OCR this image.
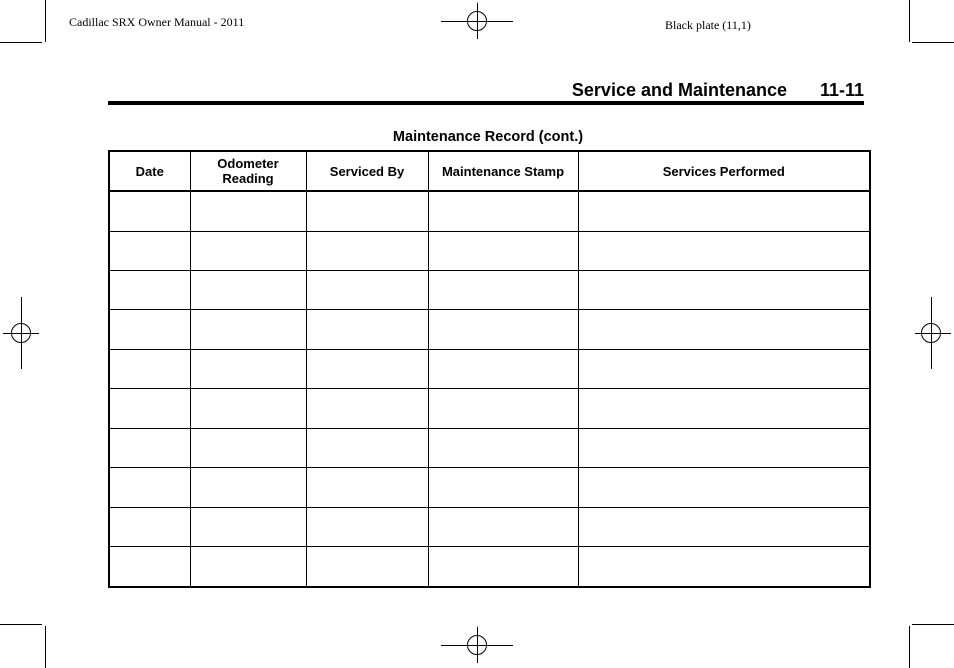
Cadillac SRX Owner Manual - 2011	Black plate (11,1)
Service and Maintenance 11-11
Maintenance Record (cont.)
Date	Odometer Reading	Serviced By	Maintenance Stamp	Services Performed
